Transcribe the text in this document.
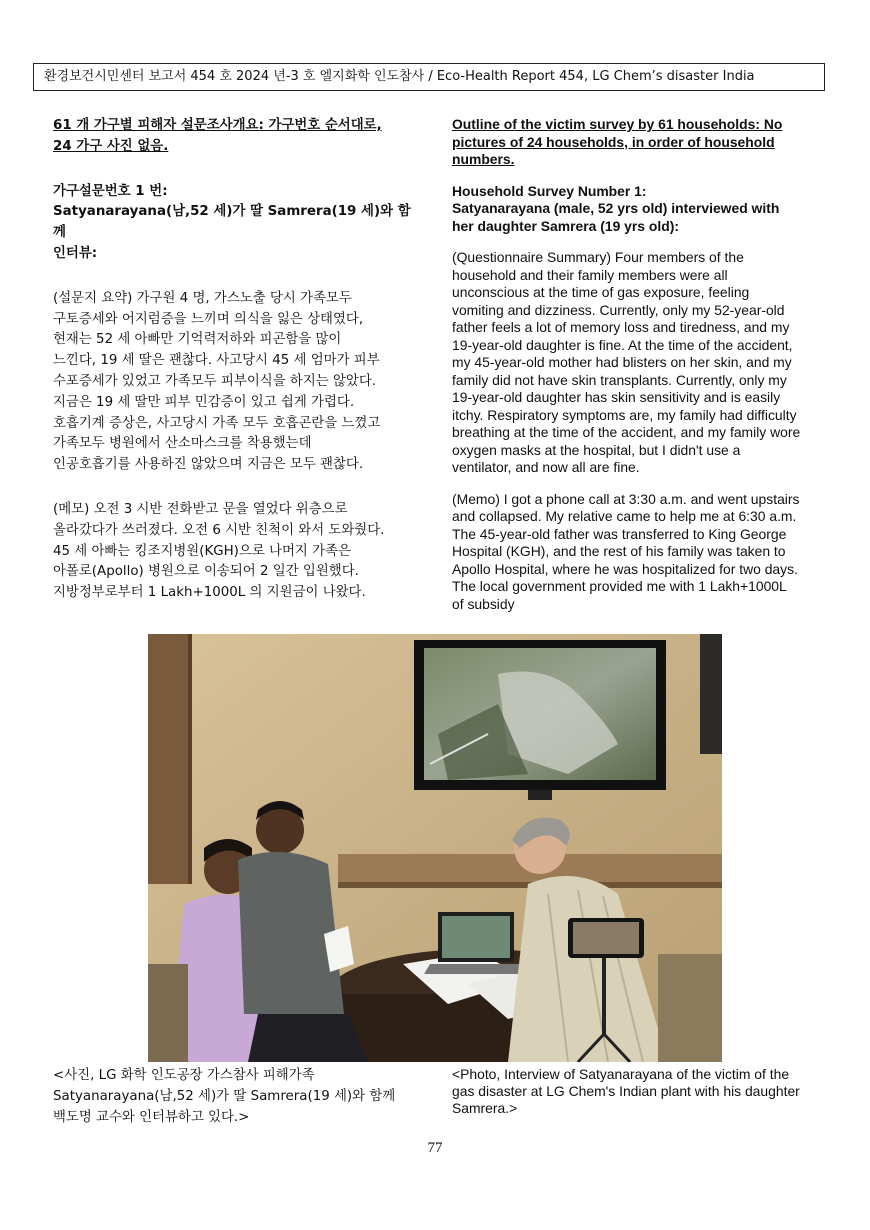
환경보건시민센터 보고서 454 호 2024 년-3 호 엘지화학 인도참사 / Eco-Health Report 454, LG Chem’s disaster India

61 개 가구별 피해자 설문조사개요: 가구번호 순서대로,

24 가구 사진 없음.

가구설문번호 1 번:

Satyanarayana(남,52 세)가 딸 Samrera(19 세)와 함께

인터뷰:

(설문지 요약) 가구원 4 명, 가스노출 당시 가족모두

구토증세와 어지럼증을 느끼며 의식을 잃은 상태였다,

현재는 52 세 아빠만 기억력저하와 피곤함을 많이

느낀다, 19 세 딸은 괜찮다. 사고당시 45 세 엄마가 피부

수포증세가 있었고 가족모두 피부이식을 하지는 않았다.

지금은 19 세 딸만 피부 민감증이 있고 쉽게 가렵다.

호흡기계 증상은, 사고당시 가족 모두 호흡곤란을 느꼈고

가족모두 병원에서 산소마스크를 착용했는데

인공호흡기를 사용하진 않았으며 지금은 모두 괜찮다.

(메모) 오전 3 시반 전화받고 문을 열었다 위층으로

올라갔다가 쓰러졌다. 오전 6 시반 친척이 와서 도와줬다.

45 세 아빠는 킹조지병원(KGH)으로 나머지 가족은

아폴로(Apollo) 병원으로 이송되어 2 일간 입원했다.

지방정부로부터 1 Lakh+1000L 의 지원금이 나왔다.

Outline of the victim survey by 61 households: No

pictures of 24 households, in order of household

numbers.

Household Survey Number 1:

Satyanarayana (male, 52 yrs old) interviewed with

her daughter Samrera (19 yrs old):

(Questionnaire Summary) Four members of the

household and their family members were all

unconscious at the time of gas exposure, feeling

vomiting and dizziness. Currently, only my 52-year-old

father feels a lot of memory loss and tiredness, and my

19-year-old daughter is fine. At the time of the accident,

my 45-year-old mother had blisters on her skin, and my

family did not have skin transplants. Currently, only my

19-year-old daughter has skin sensitivity and is easily

itchy. Respiratory symptoms are, my family had difficulty

breathing at the time of the accident, and my family wore

oxygen masks at the hospital, but I didn't use a

ventilator, and now all are fine.

(Memo) I got a phone call at 3:30 a.m. and went upstairs

and collapsed. My relative came to help me at 6:30 a.m.

The 45-year-old father was transferred to King George

Hospital (KGH), and the rest of his family was taken to

Apollo Hospital, where he was hospitalized for two days.

The local government provided me with 1 Lakh+1000L

of subsidy

<사진, LG 화학 인도공장 가스참사 피해가족

Satyanarayana(남,52 세)가 딸 Samrera(19 세)와 함께

백도명 교수와 인터뷰하고 있다.>

<Photo, Interview of Satyanarayana of the victim of the

gas disaster at LG Chem's Indian plant with his daughter

Samrera.>

77
